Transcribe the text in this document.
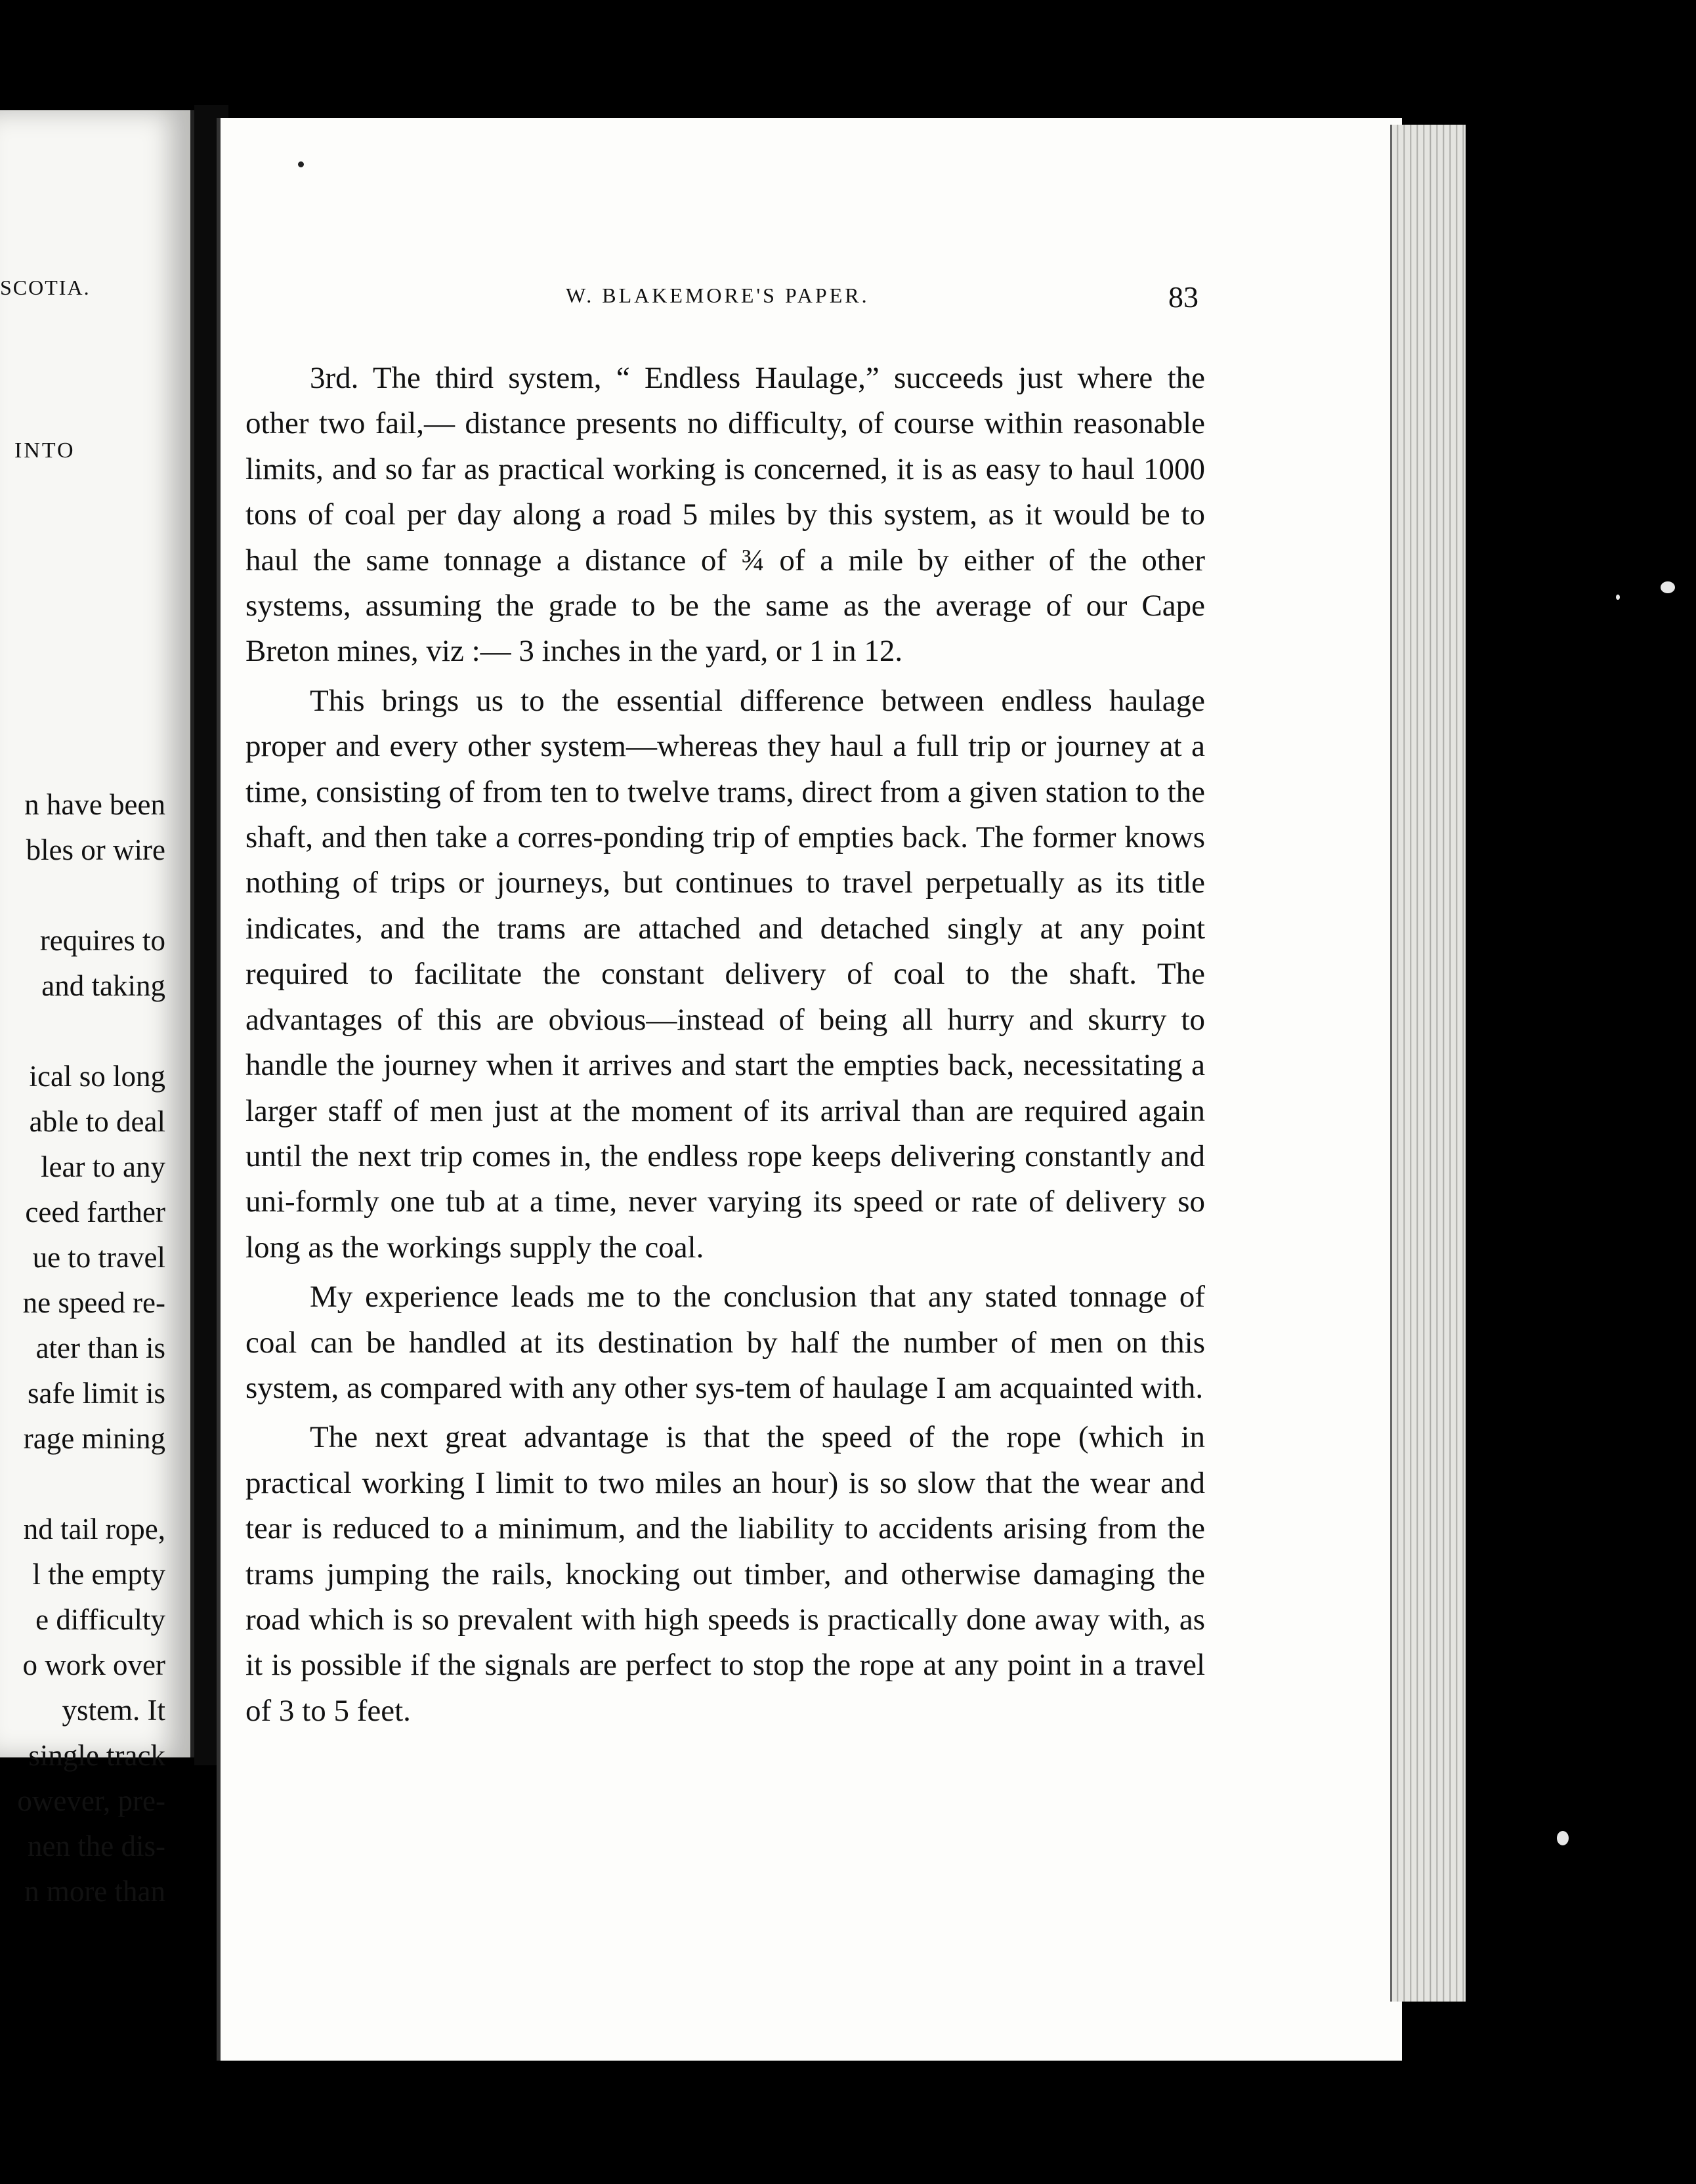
SCOTIA.

INTO

n have been
bles or wire

requires to
and taking

ical so long
able to deal
lear to any
ceed farther
ue to travel
ne speed re-
ater than is
safe limit is
rage mining

nd tail rope,
l the empty
e difficulty
o work over
ystem. It
single track
owever, pre-
nen the dis-
n more than

W. BLAKEMORE'S PAPER.	83

3rd. The third system, “ Endless Haulage,” succeeds just where the other two fail,— distance presents no difficulty, of course within reasonable limits, and so far as practical working is concerned, it is as easy to haul 1000 tons of coal per day along a road 5 miles by this system, as it would be to haul the same tonnage a distance of ¾ of a mile by either of the other systems, assuming the grade to be the same as the average of our Cape Breton mines, viz :— 3 inches in the yard, or 1 in 12.

This brings us to the essential difference between endless haulage proper and every other system—whereas they haul a full trip or journey at a time, consisting of from ten to twelve trams, direct from a given station to the shaft, and then take a corres-ponding trip of empties back. The former knows nothing of trips or journeys, but continues to travel perpetually as its title indicates, and the trams are attached and detached singly at any point required to facilitate the constant delivery of coal to the shaft. The advantages of this are obvious—instead of being all hurry and skurry to handle the journey when it arrives and start the empties back, necessitating a larger staff of men just at the moment of its arrival than are required again until the next trip comes in, the endless rope keeps delivering constantly and uni-formly one tub at a time, never varying its speed or rate of delivery so long as the workings supply the coal.

My experience leads me to the conclusion that any stated tonnage of coal can be handled at its destination by half the number of men on this system, as compared with any other sys-tem of haulage I am acquainted with.

The next great advantage is that the speed of the rope (which in practical working I limit to two miles an hour) is so slow that the wear and tear is reduced to a minimum, and the liability to accidents arising from the trams jumping the rails, knocking out timber, and otherwise damaging the road which is so prevalent with high speeds is practically done away with, as it is possible if the signals are perfect to stop the rope at any point in a travel of 3 to 5 feet.
